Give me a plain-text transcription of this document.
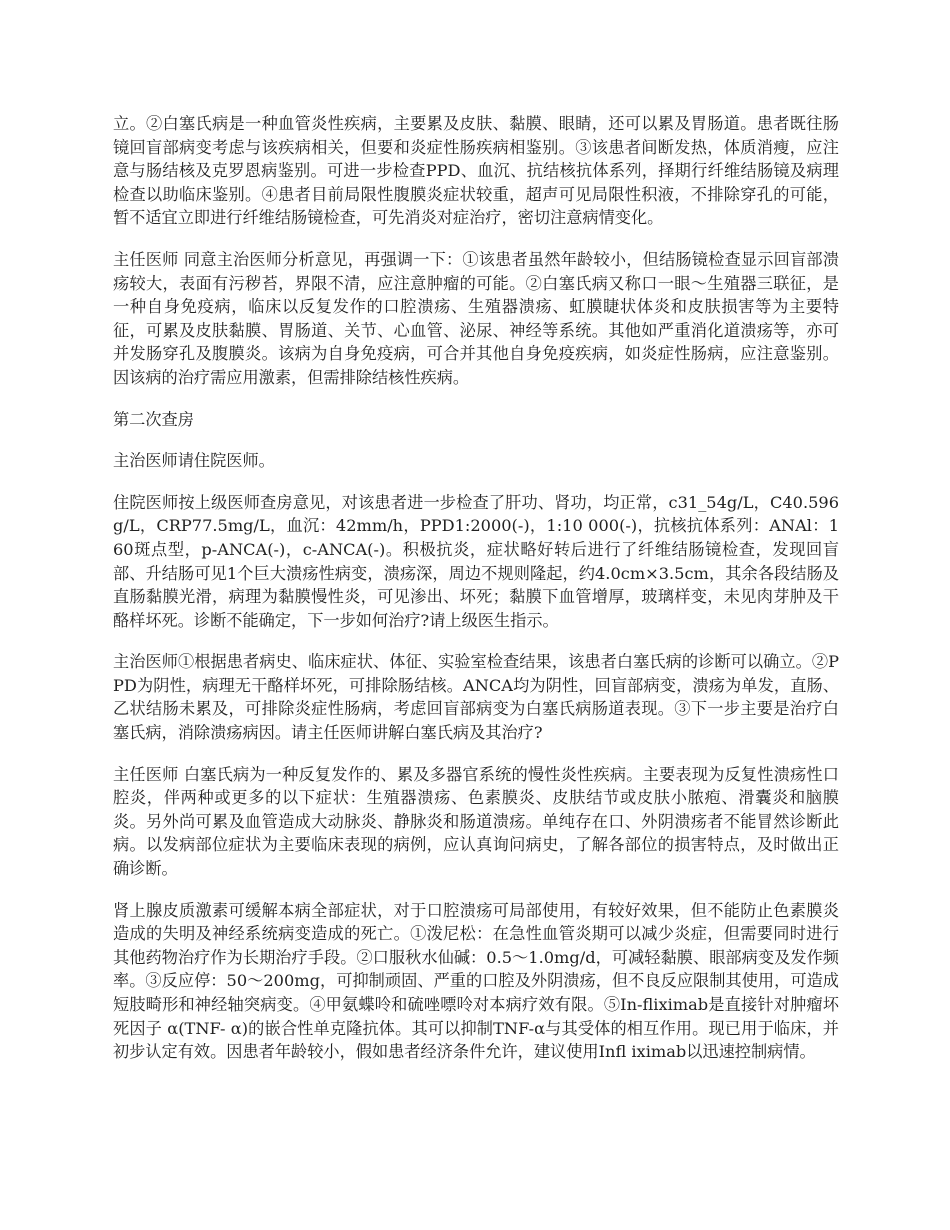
立。②白塞氏病是一种血管炎性疾病，主要累及皮肤、黏膜、眼睛，还可以累及胃肠道。患者既往肠镜回盲部病变考虑与该疾病相关，但要和炎症性肠疾病相鉴别。③该患者间断发热，体质消瘦，应注意与肠结核及克罗恩病鉴别。可进一步检查PPD、血沉、抗结核抗体系列，择期行纤维结肠镜及病理检查以助临床鉴别。④患者目前局限性腹膜炎症状较重，超声可见局限性积液，不排除穿孔的可能，暂不适宜立即进行纤维结肠镜检查，可先消炎对症治疗，密切注意病情变化。

主任医师 同意主治医师分析意见，再强调一下：①该患者虽然年龄较小，但结肠镜检查显示回盲部溃疡较大，表面有污秽苔，界限不清，应注意肿瘤的可能。②白塞氏病又称口一眼～生殖器三联征，是一种自身免疫病，临床以反复发作的口腔溃疡、生殖器溃疡、虹膜睫状体炎和皮肤损害等为主要特征，可累及皮肤黏膜、胃肠道、关节、心血管、泌尿、神经等系统。其他如严重消化道溃疡等，亦可并发肠穿孔及腹膜炎。该病为自身免疫病，可合并其他自身免疫疾病，如炎症性肠病，应注意鉴别。因该病的治疗需应用激素，但需排除结核性疾病。

第二次查房

主治医师请住院医师。

住院医师按上级医师查房意见，对该患者进一步检查了肝功、肾功，均正常，c31_54g/L，C40.596g/L，CRP77.5mg/L，血沉：42mm/h，PPD1:2000(-)，1:10 000(-)，抗核抗体系列：ANAl：160斑点型，p-ANCA(-)，c-ANCA(-)。积极抗炎，症状略好转后进行了纤维结肠镜检查，发现回盲部、升结肠可见1个巨大溃疡性病变，溃疡深，周边不规则隆起，约4.0cm×3.5cm，其余各段结肠及直肠黏膜光滑，病理为黏膜慢性炎，可见渗出、坏死；黏膜下血管增厚，玻璃样变，未见肉芽肿及干酪样坏死。诊断不能确定，下一步如何治疗?请上级医生指示。

主治医师①根据患者病史、临床症状、体征、实验室检查结果，该患者白塞氏病的诊断可以确立。②PPD为阴性，病理无干酪样坏死，可排除肠结核。ANCA均为阴性，回盲部病变，溃疡为单发，直肠、乙状结肠未累及，可排除炎症性肠病，考虑回盲部病变为白塞氏病肠道表现。③下一步主要是治疗白塞氏病，消除溃疡病因。请主任医师讲解白塞氏病及其治疗?

主任医师 白塞氏病为一种反复发作的、累及多器官系统的慢性炎性疾病。主要表现为反复性溃疡性口腔炎，伴两种或更多的以下症状：生殖器溃疡、色素膜炎、皮肤结节或皮肤小脓疱、滑囊炎和脑膜炎。另外尚可累及血管造成大动脉炎、静脉炎和肠道溃疡。单纯存在口、外阴溃疡者不能冒然诊断此病。以发病部位症状为主要临床表现的病例，应认真询问病史，了解各部位的损害特点，及时做出正确诊断。

肾上腺皮质激素可缓解本病全部症状，对于口腔溃疡可局部使用，有较好效果，但不能防止色素膜炎造成的失明及神经系统病变造成的死亡。①泼尼松：在急性血管炎期可以减少炎症，但需要同时进行其他药物治疗作为长期治疗手段。②口服秋水仙碱：0.5～1.0mg/d，可减轻黏膜、眼部病变及发作频率。③反应停：50～200mg，可抑制顽固、严重的口腔及外阴溃疡，但不良反应限制其使用，可造成短肢畸形和神经轴突病变。④甲氨蝶呤和硫唑嘌呤对本病疗效有限。⑤In-fliximab是直接针对肿瘤坏死因子 α(TNF- α)的嵌合性单克隆抗体。其可以抑制TNF-α与其受体的相互作用。现已用于临床，并初步认定有效。因患者年龄较小，假如患者经济条件允许，建议使用Infl iximab以迅速控制病情。
